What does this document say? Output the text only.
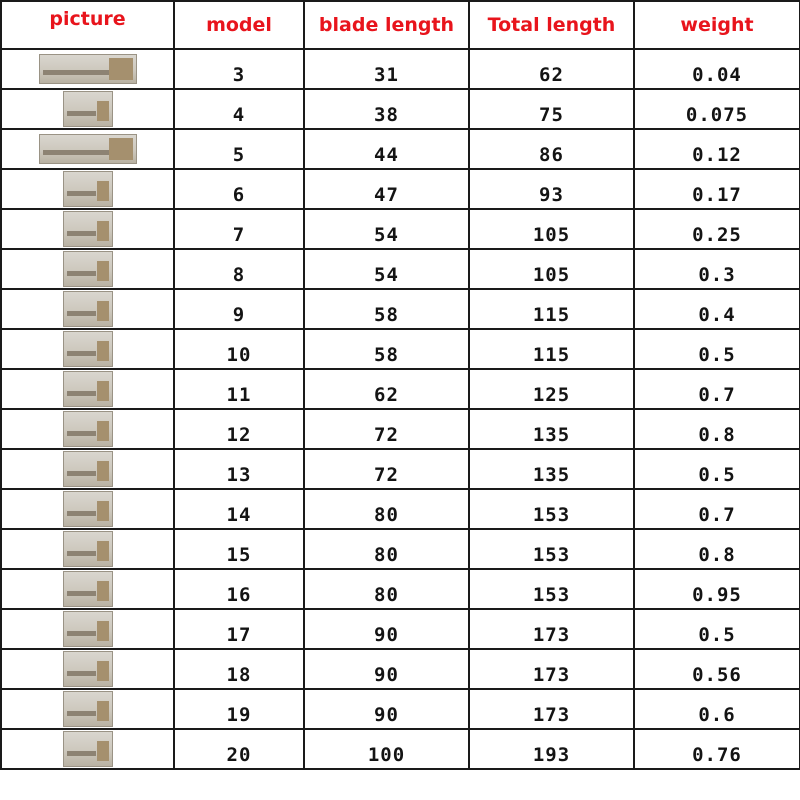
picture	model	blade length	Total length	weight

	3	31	62	0.04

	4	38	75	0.075

	5	44	86	0.12

	6	47	93	0.17

	7	54	105	0.25

	8	54	105	0.3

	9	58	115	0.4

	10	58	115	0.5

	11	62	125	0.7

	12	72	135	0.8

	13	72	135	0.5

	14	80	153	0.7

	15	80	153	0.8

	16	80	153	0.95

	17	90	173	0.5

	18	90	173	0.56

	19	90	173	0.6

	20	100	193	0.76
